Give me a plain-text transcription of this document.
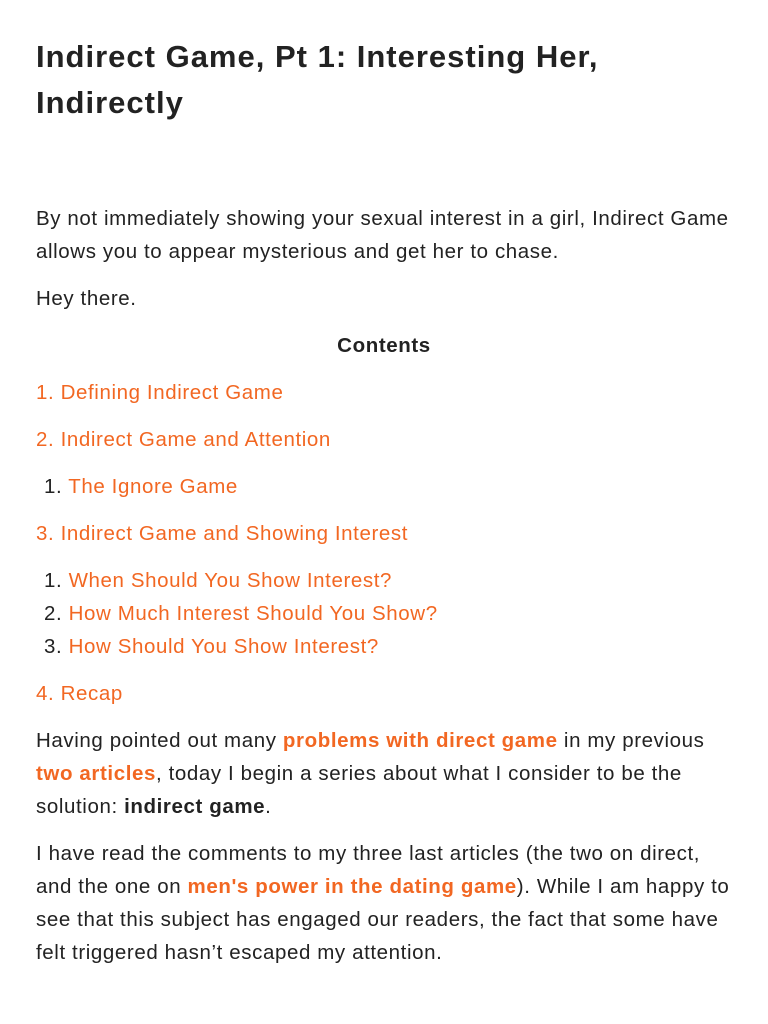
Indirect Game, Pt 1: Interesting Her, Indirectly

By not immediately showing your sexual interest in a girl, Indirect Game allows you to appear mysterious and get her to chase.

Hey there.

Contents

1. Defining Indirect Game

2. Indirect Game and Attention

1. The Ignore Game

3. Indirect Game and Showing Interest

1. When Should You Show Interest?
2. How Much Interest Should You Show?
3. How Should You Show Interest?

4. Recap

Having pointed out many problems with direct game in my previous two articles, today I begin a series about what I consider to be the solution: indirect game.

I have read the comments to my three last articles (the two on direct, and the one on men's power in the dating game). While I am happy to see that this subject has engaged our readers, the fact that some have felt triggered hasn’t escaped my attention.
